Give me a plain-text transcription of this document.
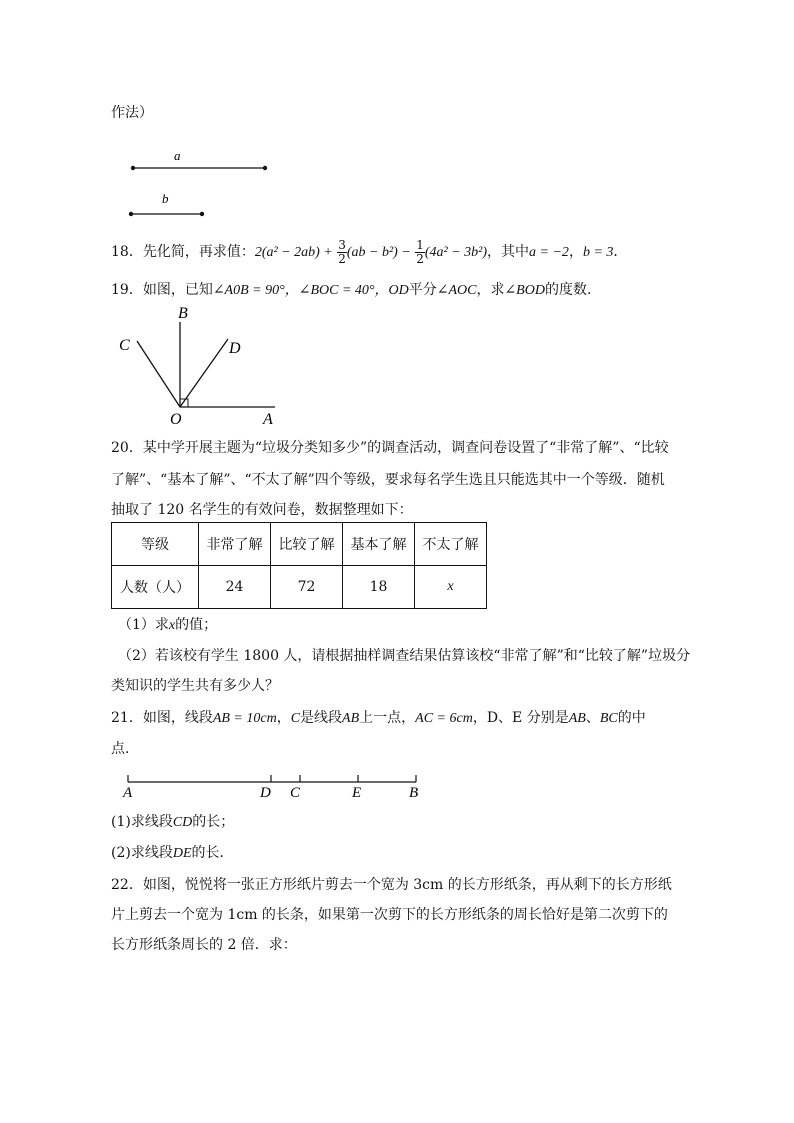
作法）
a
b
18．先化简，再求值：$2(a^2 - 2ab) + \frac{3}{2} (ab - b^2) - \frac{1}{2} (4a^2 - 3b^2)$，其中a = −2，b = 3．
19．如图，已知∠A0B = 90°，∠BOC = 40°，OD平分∠AOC，求∠BOD的度数.
B
C	D
O	A
20．某中学开展主题为“垃圾分类知多少”的调查活动，调查问卷设置了“非常了解”、“比较
了解”、“基本了解”、“不太了解”四个等级，要求每名学生选且只能选其中一个等级．随机
抽取了 120 名学生的有效问卷，数据整理如下：
等级	非常了解	比较了解	基本了解	不太了解
人数（人）	24	72	18	x
（1）求x的值；
（2）若该校有学生 1800 人，请根据抽样调查结果估算该校“非常了解”和“比较了解”垃圾分
类知识的学生共有多少人？
21．如图，线段AB = 10cm，C是线段AB上一点，AC = 6cm，D、E 分别是AB、BC的中
点．
A	D C	E	B
(1)求线段CD的长；
(2)求线段DE的长．
22．如图，悦悦将一张正方形纸片剪去一个宽为 3cm 的长方形纸条，再从剩下的长方形纸
片上剪去一个宽为 1cm 的长条，如果第一次剪下的长方形纸条的周长恰好是第二次剪下的
长方形纸条周长的 2 倍．求：
